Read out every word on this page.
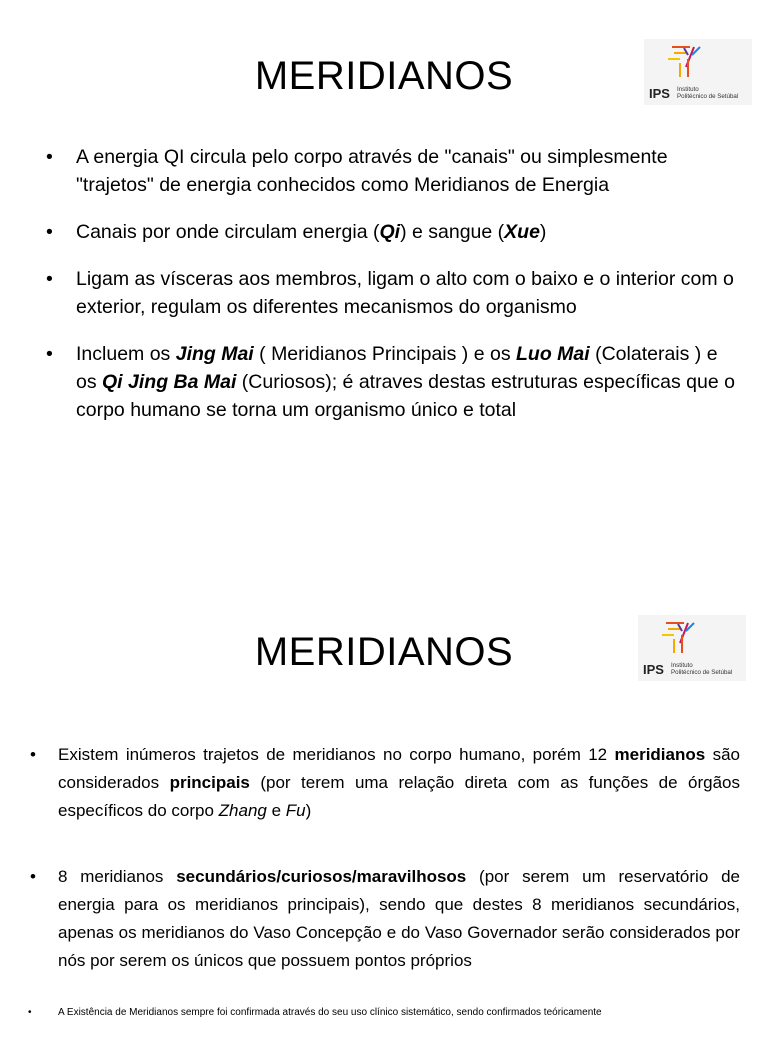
MERIDIANOS	IPS Instituto
Politécnico de Setúbal
• A energia QI circula pelo corpo através de "canais" ou simplesmente "trajetos" de energia conhecidos como Meridianos de Energia
• Canais por onde circulam energia (Qi) e sangue (Xue)
• Ligam as vísceras aos membros, ligam o alto com o baixo e o interior com o exterior, regulam os diferentes mecanismos do organismo
• Incluem os Jing Mai ( Meridianos Principais ) e os Luo Mai (Colaterais ) e os Qi Jing Ba Mai (Curiosos); é atraves destas estruturas específicas que o corpo humano se torna um organismo único e total
MERIDIANOS	IPS Instituto
Politécnico de Setúbal
• Existem inúmeros trajetos de meridianos no corpo humano, porém 12 meridianos são considerados principais (por terem uma relação direta com as funções de órgãos específicos do corpo Zhang e Fu)
• 8 meridianos secundários/curiosos/maravilhosos (por serem um reservatório de energia para os meridianos principais), sendo que destes 8 meridianos secundários, apenas os meridianos do Vaso Concepção e do Vaso Governador serão considerados por nós por serem os únicos que possuem pontos próprios
• A Existência de Meridianos sempre foi confirmada através do seu uso clínico sistemático, sendo confirmados teóricamente
